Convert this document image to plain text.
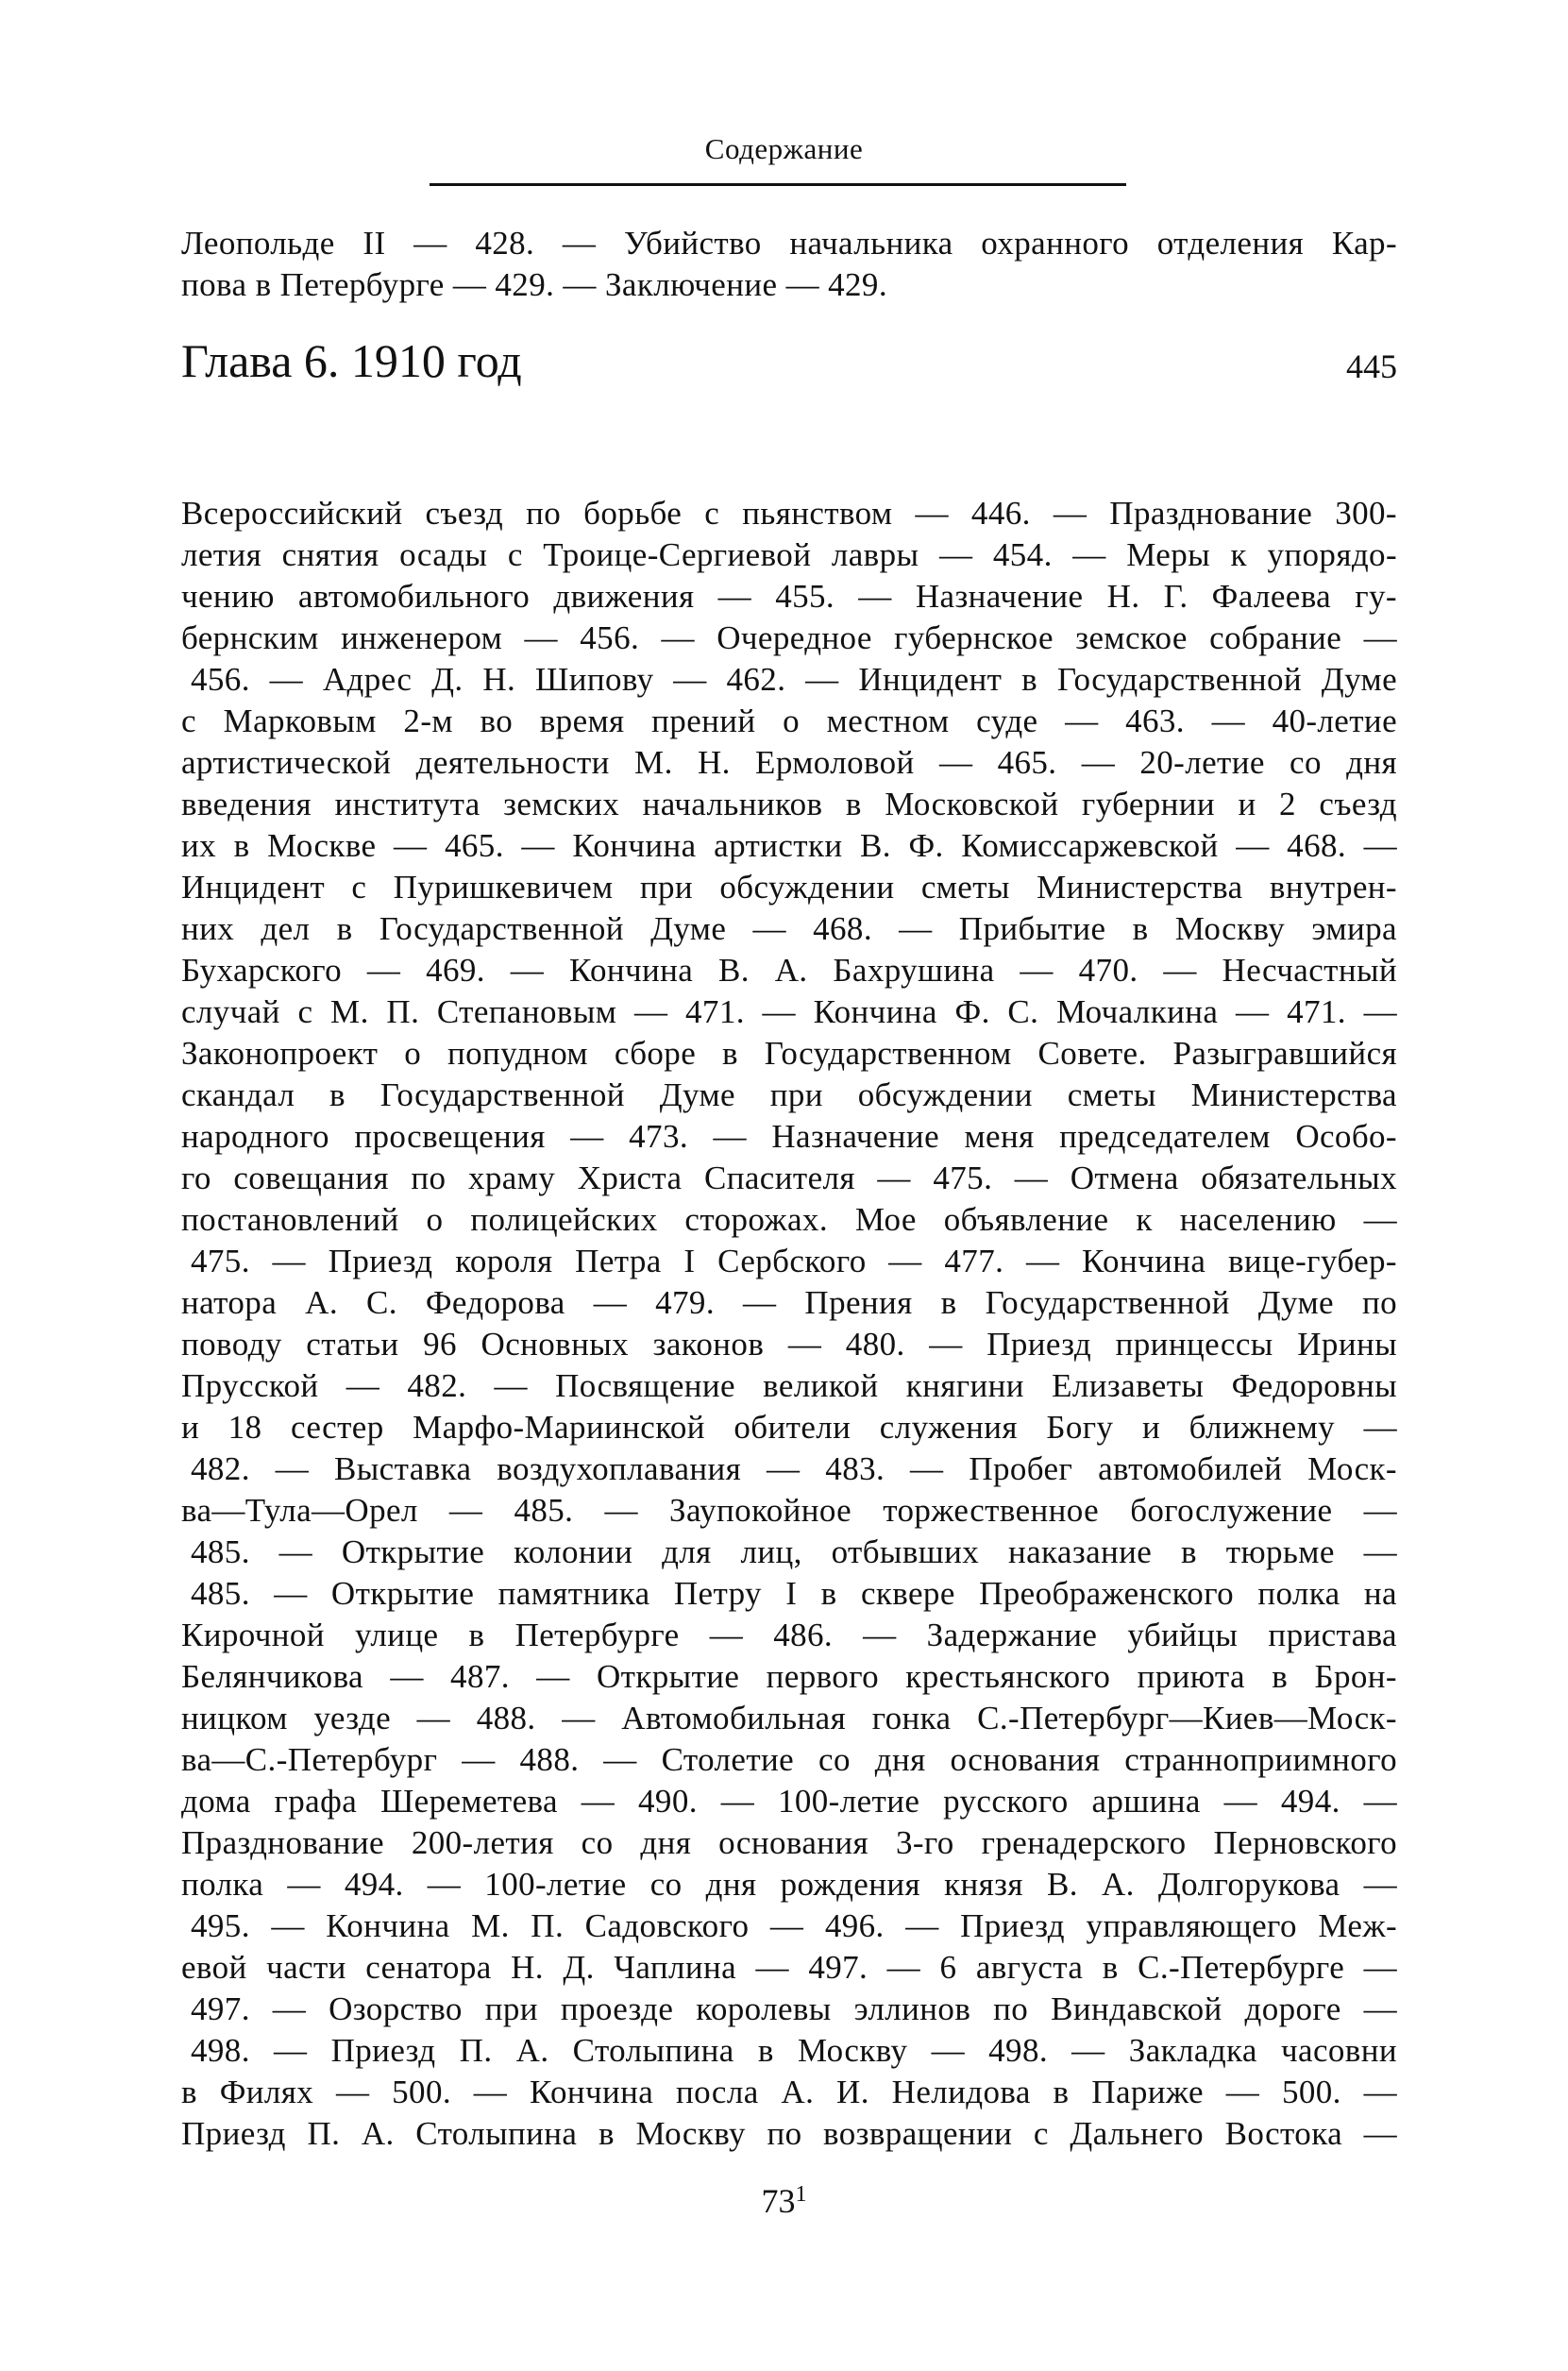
Содержание
Леопольде II — 428. — Убийство начальника охранного отделения Кар-
пова в Петербурге — 429. — Заключение — 429.
Глава 6. 1910 год	445
Всероссийский съезд по борьбе с пьянством — 446. — Празднование 300-
летия снятия осады с Троице-Сергиевой лавры — 454. — Меры к упорядо-
чению автомобильного движения — 455. — Назначение Н. Г. Фалеева гу-
бернским инженером — 456. — Очередное губернское земское собрание —
456. — Адрес Д. Н. Шипову — 462. — Инцидент в Государственной Думе
с Марковым 2-м во время прений о местном суде — 463. — 40-летие
артистической деятельности М. Н. Ермоловой — 465. — 20-летие со дня
введения института земских начальников в Московской губернии и 2 съезд
их в Москве — 465. — Кончина артистки В. Ф. Комиссаржевской — 468. —
Инцидент с Пуришкевичем при обсуждении сметы Министерства внутрен-
них дел в Государственной Думе — 468. — Прибытие в Москву эмира
Бухарского — 469. — Кончина В. А. Бахрушина — 470. — Несчастный
случай с М. П. Степановым — 471. — Кончина Ф. С. Мочалкина — 471. —
Законопроект о попудном сборе в Государственном Совете. Разыгравшийся
скандал в Государственной Думе при обсуждении сметы Министерства
народного просвещения — 473. — Назначение меня председателем Особо-
го совещания по храму Христа Спасителя — 475. — Отмена обязательных
постановлений о полицейских сторожах. Мое объявление к населению —
475. — Приезд короля Петра I Сербского — 477. — Кончина вице-губер-
натора А. С. Федорова — 479. — Прения в Государственной Думе по
поводу статьи 96 Основных законов — 480. — Приезд принцессы Ирины
Прусской — 482. — Посвящение великой княгини Елизаветы Федоровны
и 18 сестер Марфо-Мариинской обители служения Богу и ближнему —
482. — Выставка воздухоплавания — 483. — Пробег автомобилей Моск-
ва—Тула—Орел — 485. — Заупокойное торжественное богослужение —
485. — Открытие колонии для лиц, отбывших наказание в тюрьме —
485. — Открытие памятника Петру I в сквере Преображенского полка на
Кирочной улице в Петербурге — 486. — Задержание убийцы пристава
Белянчикова — 487. — Открытие первого крестьянского приюта в Брон-
ницком уезде — 488. — Автомобильная гонка С.-Петербург—Киев—Моск-
ва—С.-Петербург — 488. — Столетие со дня основания странноприимного
дома графа Шереметева — 490. — 100-летие русского аршина — 494. —
Празднование 200-летия со дня основания 3-го гренадерского Перновского
полка — 494. — 100-летие со дня рождения князя В. А. Долгорукова —
495. — Кончина М. П. Садовского — 496. — Приезд управляющего Меж-
евой части сенатора Н. Д. Чаплина — 497. — 6 августа в С.-Петербурге —
497. — Озорство при проезде королевы эллинов по Виндавской дороге —
498. — Приезд П. А. Столыпина в Москву — 498. — Закладка часовни
в Филях — 500. — Кончина посла А. И. Нелидова в Париже — 500. —
Приезд П. А. Столыпина в Москву по возвращении с Дальнего Востока —
$73^1$
